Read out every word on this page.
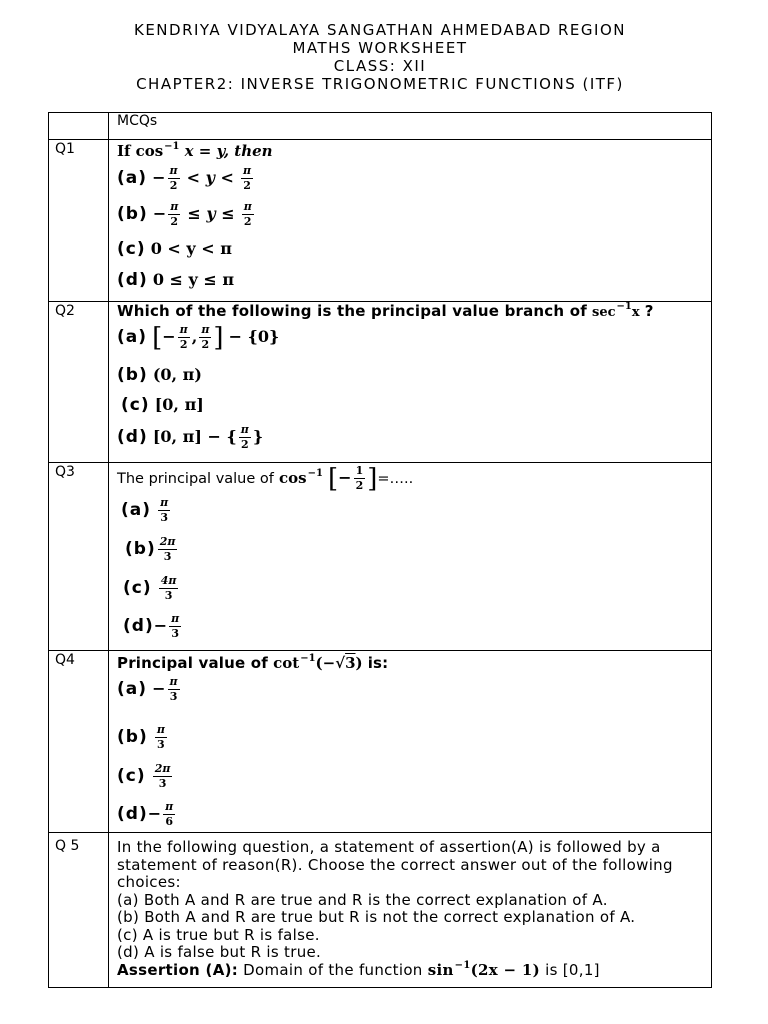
KENDRIYA VIDYALAYA SANGATHAN AHMEDABAD REGION
MATHS WORKSHEET
CLASS: XII
CHAPTER2: INVERSE TRIGONOMETRIC FUNCTIONS (ITF)
MCQs
Q1	If $\cos^{-1} x = y$, then
$(a) - \frac{\pi}{2} < y < \frac{\pi}{2}$
$(b) - \frac{\pi}{2} \le y \le \frac{\pi}{2}$
(c) 0 < y < π
(d) 0 ≤ y ≤ π
Q2	Which of the following is the principal value branch of $\sec^{-1}x$ ?
(a) [− $\frac{\pi}{2}$ , $\frac{\pi}{2}$ ] − {0}
(b) (0, π)
(c) [0, π]
(d) [0, π] − { $\frac{\pi}{2}$ }
Q3	The principal value of $\cos^{-1}$ [− $\frac{1}{2}$ ]=…..
$(a) \frac{\pi}{3}$
$(b) \frac{2\pi}{3}$
$(c) \frac{4\pi}{3}$
$(d)- \frac{\pi}{3}$
Q4	Principal value of $\cot^{-1}(-√3)$ is:
$(a) - \frac{\pi}{3}$
$(b) \frac{\pi}{3}$
$(c) \frac{2\pi}{3}$
$(d)- \frac{\pi}{6}$
Q 5	In the following question, a statement of assertion(A) is followed by a statement of reason(R). Choose the correct answer out of the following choices:

(a) Both A and R are true and R is the correct explanation of A.
(b) Both A and R are true but R is not the correct explanation of A.
(c) A is true but R is false.
(d) A is false but R is true.
Assertion (A): Domain of the function $\sin^{-1}(2x - 1)$ is [0,1]
